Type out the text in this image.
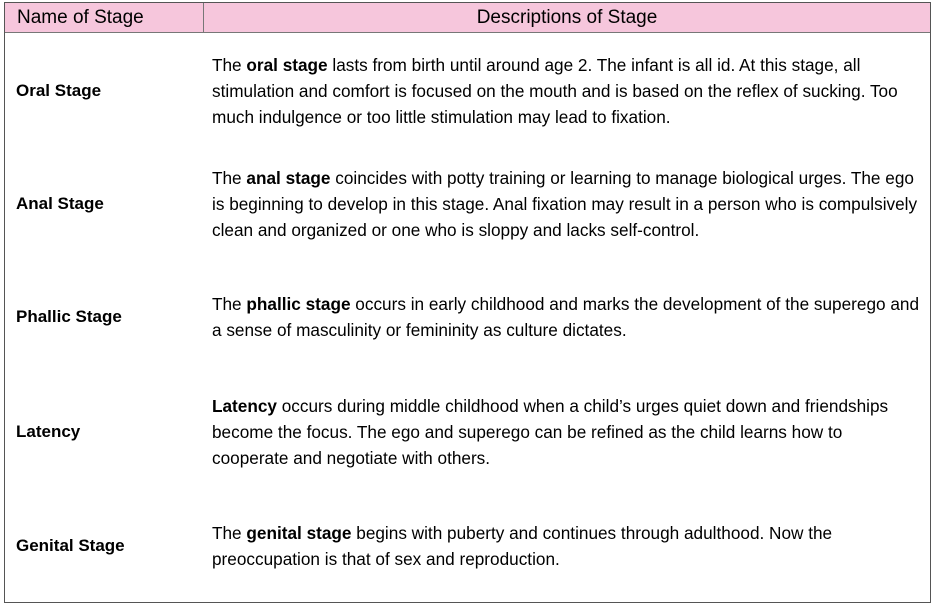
Name of Stage	Descriptions of Stage
Oral Stage

The oral stage lasts from birth until around age 2. The infant is all id. At this stage, all stimulation and comfort is focused on the mouth and is based on the reflex of sucking. Too much indulgence or too little stimulation may lead to fixation.

Anal Stage

The anal stage coincides with potty training or learning to manage biological urges. The ego is beginning to develop in this stage. Anal fixation may result in a person who is compulsively clean and organized or one who is sloppy and lacks self-control.

Phallic Stage

The phallic stage occurs in early childhood and marks the development of the superego and a sense of masculinity or femininity as culture dictates.

Latency

Latency occurs during middle childhood when a child’s urges quiet down and friendships become the focus. The ego and superego can be refined as the child learns how to cooperate and negotiate with others.

Genital Stage

The genital stage begins with puberty and continues through adulthood. Now the preoccupation is that of sex and reproduction.
